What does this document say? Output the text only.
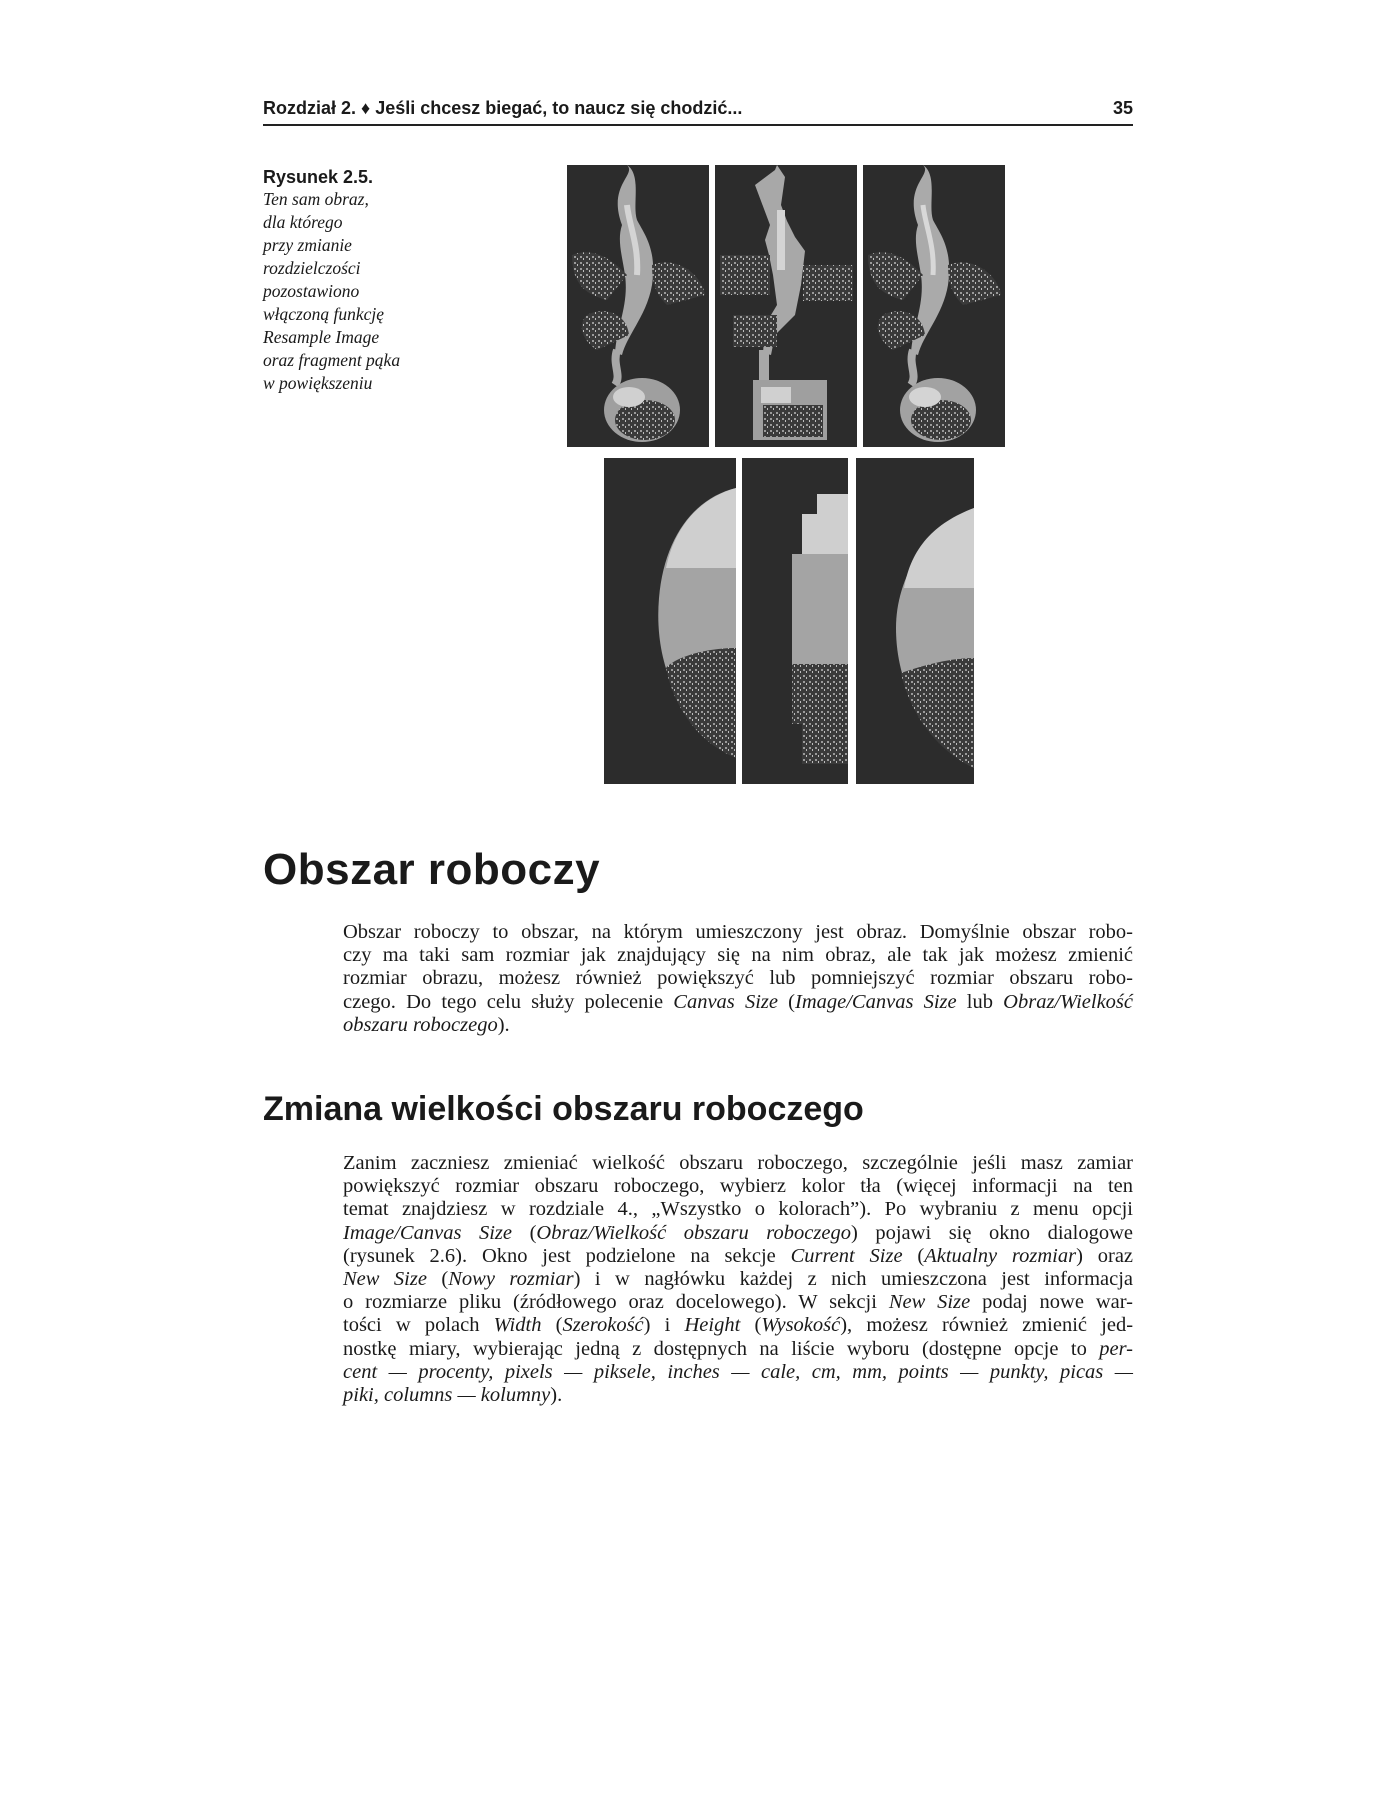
Rozdział 2. ♦ Jeśli chcesz biegać, to naucz się chodzić...	35
Rysunek 2.5.
Ten sam obraz,
dla którego
przy zmianie
rozdzielczości
pozostawiono
włączoną funkcję
Resample Image
oraz fragment pąka
w powiększeniu
Obszar roboczy
Obszar roboczy to obszar, na którym umieszczony jest obraz. Domyślnie obszar robo-
czy ma taki sam rozmiar jak znajdujący się na nim obraz, ale tak jak możesz zmienić
rozmiar obrazu, możesz również powiększyć lub pomniejszyć rozmiar obszaru robo-
czego. Do tego celu służy polecenie Canvas Size (Image/Canvas Size lub Obraz/Wielkość
obszaru roboczego).
Zmiana wielkości obszaru roboczego
Zanim zaczniesz zmieniać wielkość obszaru roboczego, szczególnie jeśli masz zamiar
powiększyć rozmiar obszaru roboczego, wybierz kolor tła (więcej informacji na ten
temat znajdziesz w rozdziale 4., „Wszystko o kolorach”). Po wybraniu z menu opcji
Image/Canvas Size (Obraz/Wielkość obszaru roboczego) pojawi się okno dialogowe
(rysunek 2.6). Okno jest podzielone na sekcje Current Size (Aktualny rozmiar) oraz
New Size (Nowy rozmiar) i w nagłówku każdej z nich umieszczona jest informacja
o rozmiarze pliku (źródłowego oraz docelowego). W sekcji New Size podaj nowe war-
tości w polach Width (Szerokość) i Height (Wysokość), możesz również zmienić jed-
nostkę miary, wybierając jedną z dostępnych na liście wyboru (dostępne opcje to per-
cent — procenty, pixels — piksele, inches — cale, cm, mm, points — punkty, picas —
piki, columns — kolumny).
